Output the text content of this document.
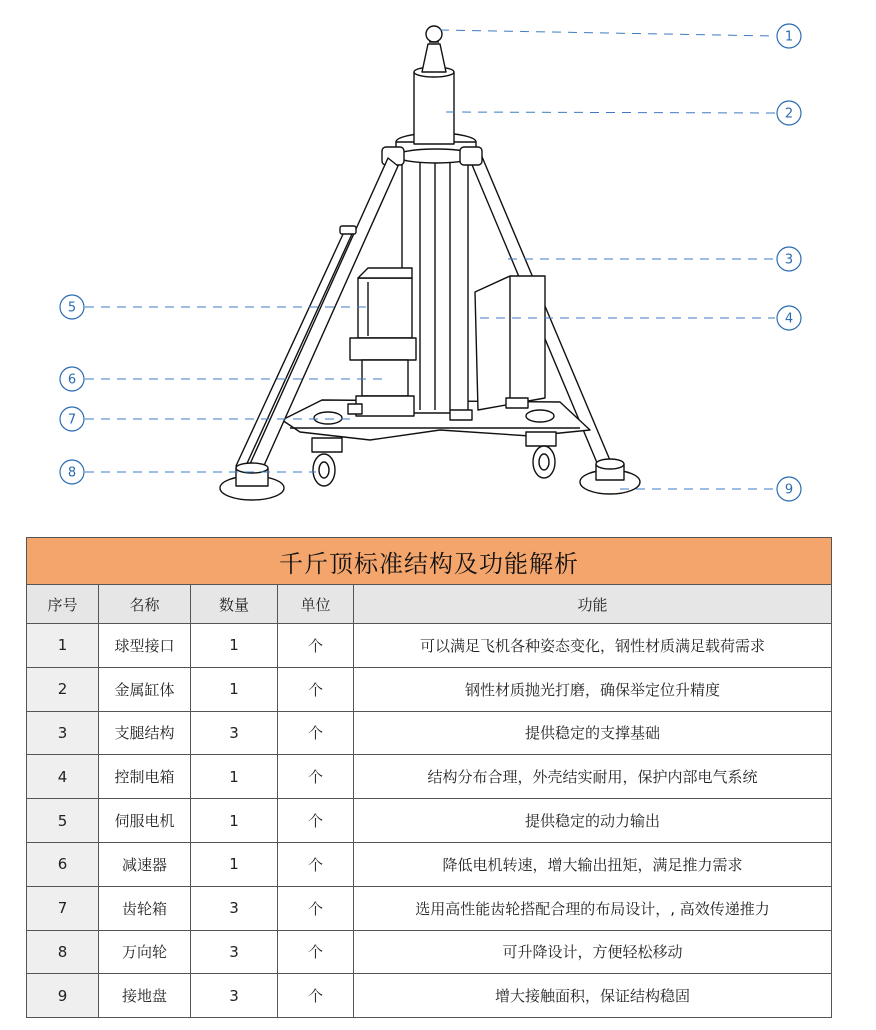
1
2
3
4
5
6
7
8
9
千斤顶标准结构及功能解析				
序号	名称	数量	单位	功能
1	球型接口	1	个	可以满足飞机各种姿态变化，钢性材质满足载荷需求
2	金属缸体	1	个	钢性材质抛光打磨，确保举定位升精度
3	支腿结构	3	个	提供稳定的支撑基础
4	控制电箱	1	个	结构分布合理，外壳结实耐用，保护内部电气系统
5	伺服电机	1	个	提供稳定的动力输出
6	减速器	1	个	降低电机转速，增大输出扭矩，满足推力需求
7	齿轮箱	3	个	选用高性能齿轮搭配合理的布局设计，, 高效传递推力
8	万向轮	3	个	可升降设计，方便轻松移动
9	接地盘	3	个	增大接触面积，保证结构稳固
